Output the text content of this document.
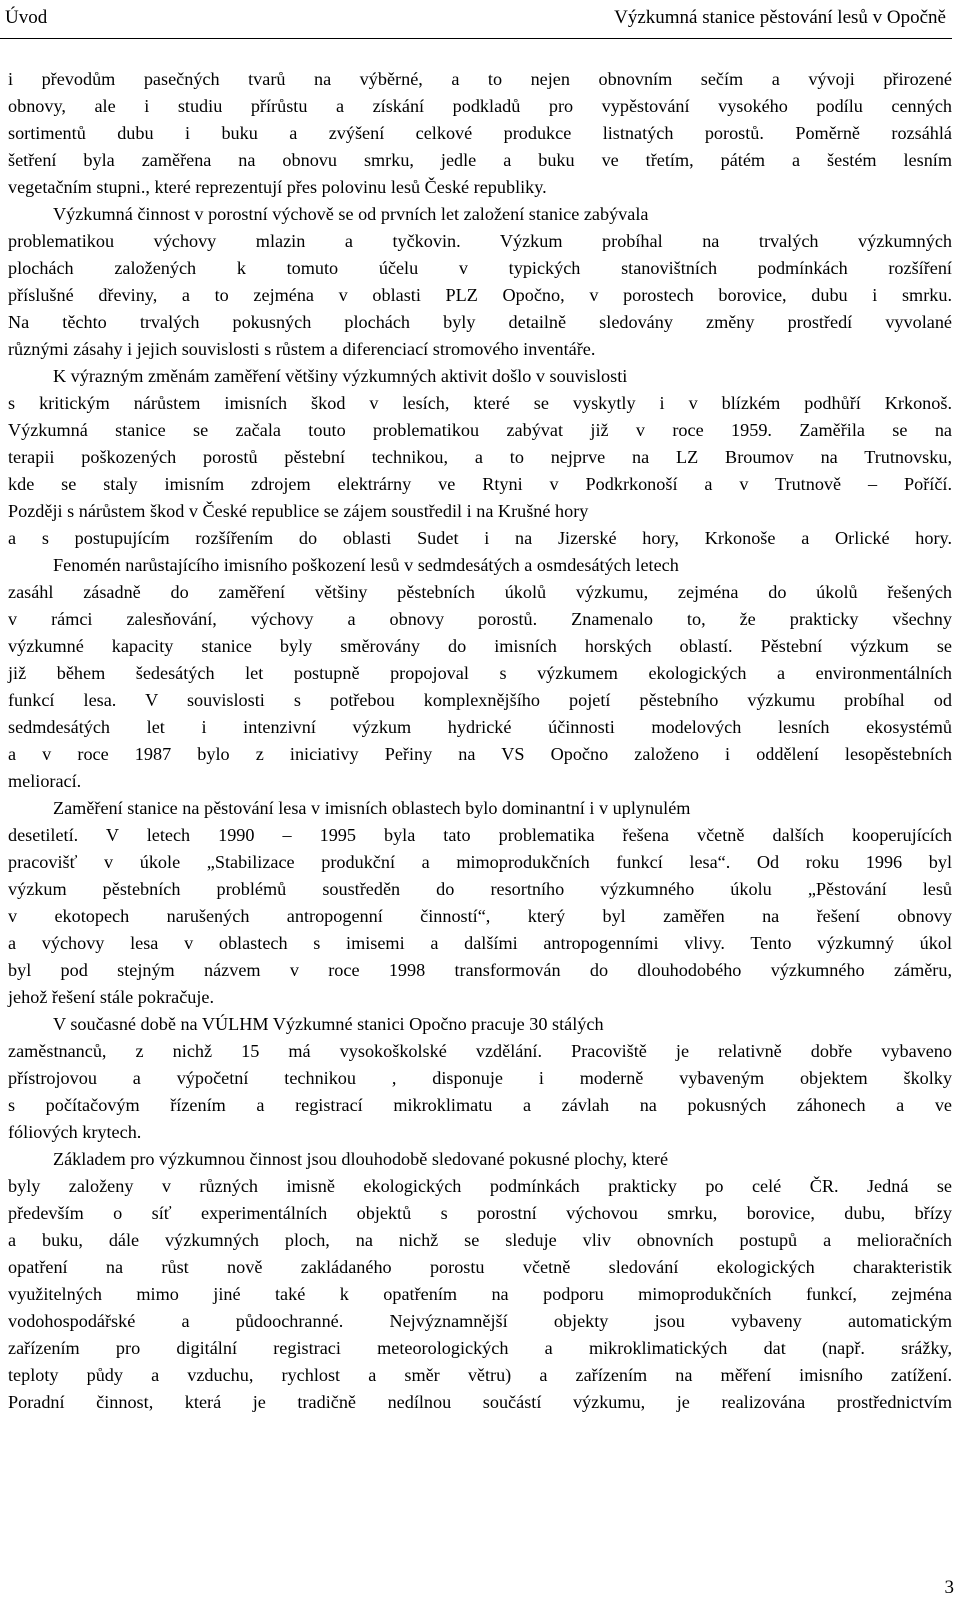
Úvod	Výzkumná stanice pěstování lesů v Opočně
i převodům pasečných tvarů na výběrné, a to nejen obnovním sečím a vývoji přirozené
obnovy, ale i studiu přírůstu a získání podkladů pro vypěstování vysokého podílu cenných
sortimentů dubu i buku a zvýšení celkové produkce listnatých porostů. Poměrně rozsáhlá
šetření byla zaměřena na obnovu smrku, jedle a buku ve třetím, pátém a šestém lesním
vegetačním stupni., které reprezentují přes polovinu lesů České republiky.
Výzkumná činnost v porostní výchově se od prvních let založení stanice zabývala
problematikou výchovy mlazin a tyčkovin. Výzkum probíhal na trvalých výzkumných
plochách založených k tomuto účelu v typických stanovištních podmínkách rozšíření
příslušné dřeviny, a to zejména v oblasti PLZ Opočno, v porostech borovice, dubu i smrku.
Na těchto trvalých pokusných plochách byly detailně sledovány změny prostředí vyvolané
různými zásahy i jejich souvislosti s růstem a diferenciací stromového inventáře.
K výrazným změnám zaměření většiny výzkumných aktivit došlo v souvislosti
s kritickým nárůstem imisních škod v lesích, které se vyskytly i v blízkém podhůří Krkonoš.
Výzkumná stanice se začala touto problematikou zabývat již v roce 1959. Zaměřila se na
terapii poškozených porostů pěstební technikou, a to nejprve na LZ Broumov na Trutnovsku,
kde se staly imisním zdrojem elektrárny ve Rtyni v Podkrkonoší a v Trutnově – Poříčí.
Později s nárůstem škod v České republice se zájem soustředil i na Krušné hory
a s postupujícím rozšířením do oblasti Sudet i na Jizerské hory, Krkonoše a Orlické hory.
Fenomén narůstajícího imisního poškození lesů v sedmdesátých a osmdesátých letech
zasáhl zásadně do zaměření většiny pěstebních úkolů výzkumu, zejména do úkolů řešených
v rámci zalesňování, výchovy a obnovy porostů. Znamenalo to, že prakticky všechny
výzkumné kapacity stanice byly směrovány do imisních horských oblastí. Pěstební výzkum se
již během šedesátých let postupně propojoval s výzkumem ekologických a environmentálních
funkcí lesa. V souvislosti s potřebou komplexnějšího pojetí pěstebního výzkumu probíhal od
sedmdesátých let i intenzivní výzkum hydrické účinnosti modelových lesních ekosystémů
a v roce 1987 bylo z iniciativy Peřiny na VS Opočno založeno i oddělení lesopěstebních
meliorací.
Zaměření stanice na pěstování lesa v imisních oblastech bylo dominantní i v uplynulém
desetiletí. V letech 1990 – 1995 byla tato problematika řešena včetně dalších kooperujících
pracovišť v úkole „Stabilizace produkční a mimoprodukčních funkcí lesa“. Od roku 1996 byl
výzkum pěstebních problémů soustředěn do resortního výzkumného úkolu „Pěstování lesů
v ekotopech narušených antropogenní činností“, který byl zaměřen na řešení obnovy
a výchovy lesa v oblastech s imisemi a dalšími antropogenními vlivy. Tento výzkumný úkol
byl pod stejným názvem v roce 1998 transformován do dlouhodobého výzkumného záměru,
jehož řešení stále pokračuje.
V současné době na VÚLHM Výzkumné stanici Opočno pracuje 30 stálých
zaměstnanců, z nichž 15 má vysokoškolské vzdělání. Pracoviště je relativně dobře vybaveno
přístrojovou a výpočetní technikou , disponuje i moderně vybaveným objektem školky
s počítačovým řízením a registrací mikroklimatu a závlah na pokusných záhonech a ve
fóliových krytech.
Základem pro výzkumnou činnost jsou dlouhodobě sledované pokusné plochy, které
byly založeny v různých imisně ekologických podmínkách prakticky po celé ČR. Jedná se
především o síť experimentálních objektů s porostní výchovou smrku, borovice, dubu, břízy
a buku, dále výzkumných ploch, na nichž se sleduje vliv obnovních postupů a melioračních
opatření na růst nově zakládaného porostu včetně sledování ekologických charakteristik
využitelných mimo jiné také k opatřením na podporu mimoprodukčních funkcí, zejména
vodohospodářské a půdoochranné. Nejvýznamnější objekty jsou vybaveny automatickým
zařízením pro digitální registraci meteorologických a mikroklimatických dat (např. srážky,
teploty půdy a vzduchu, rychlost a směr větru) a zařízením na měření imisního zatížení.
Poradní činnost, která je tradičně nedílnou součástí výzkumu, je realizována prostřednictvím
3
